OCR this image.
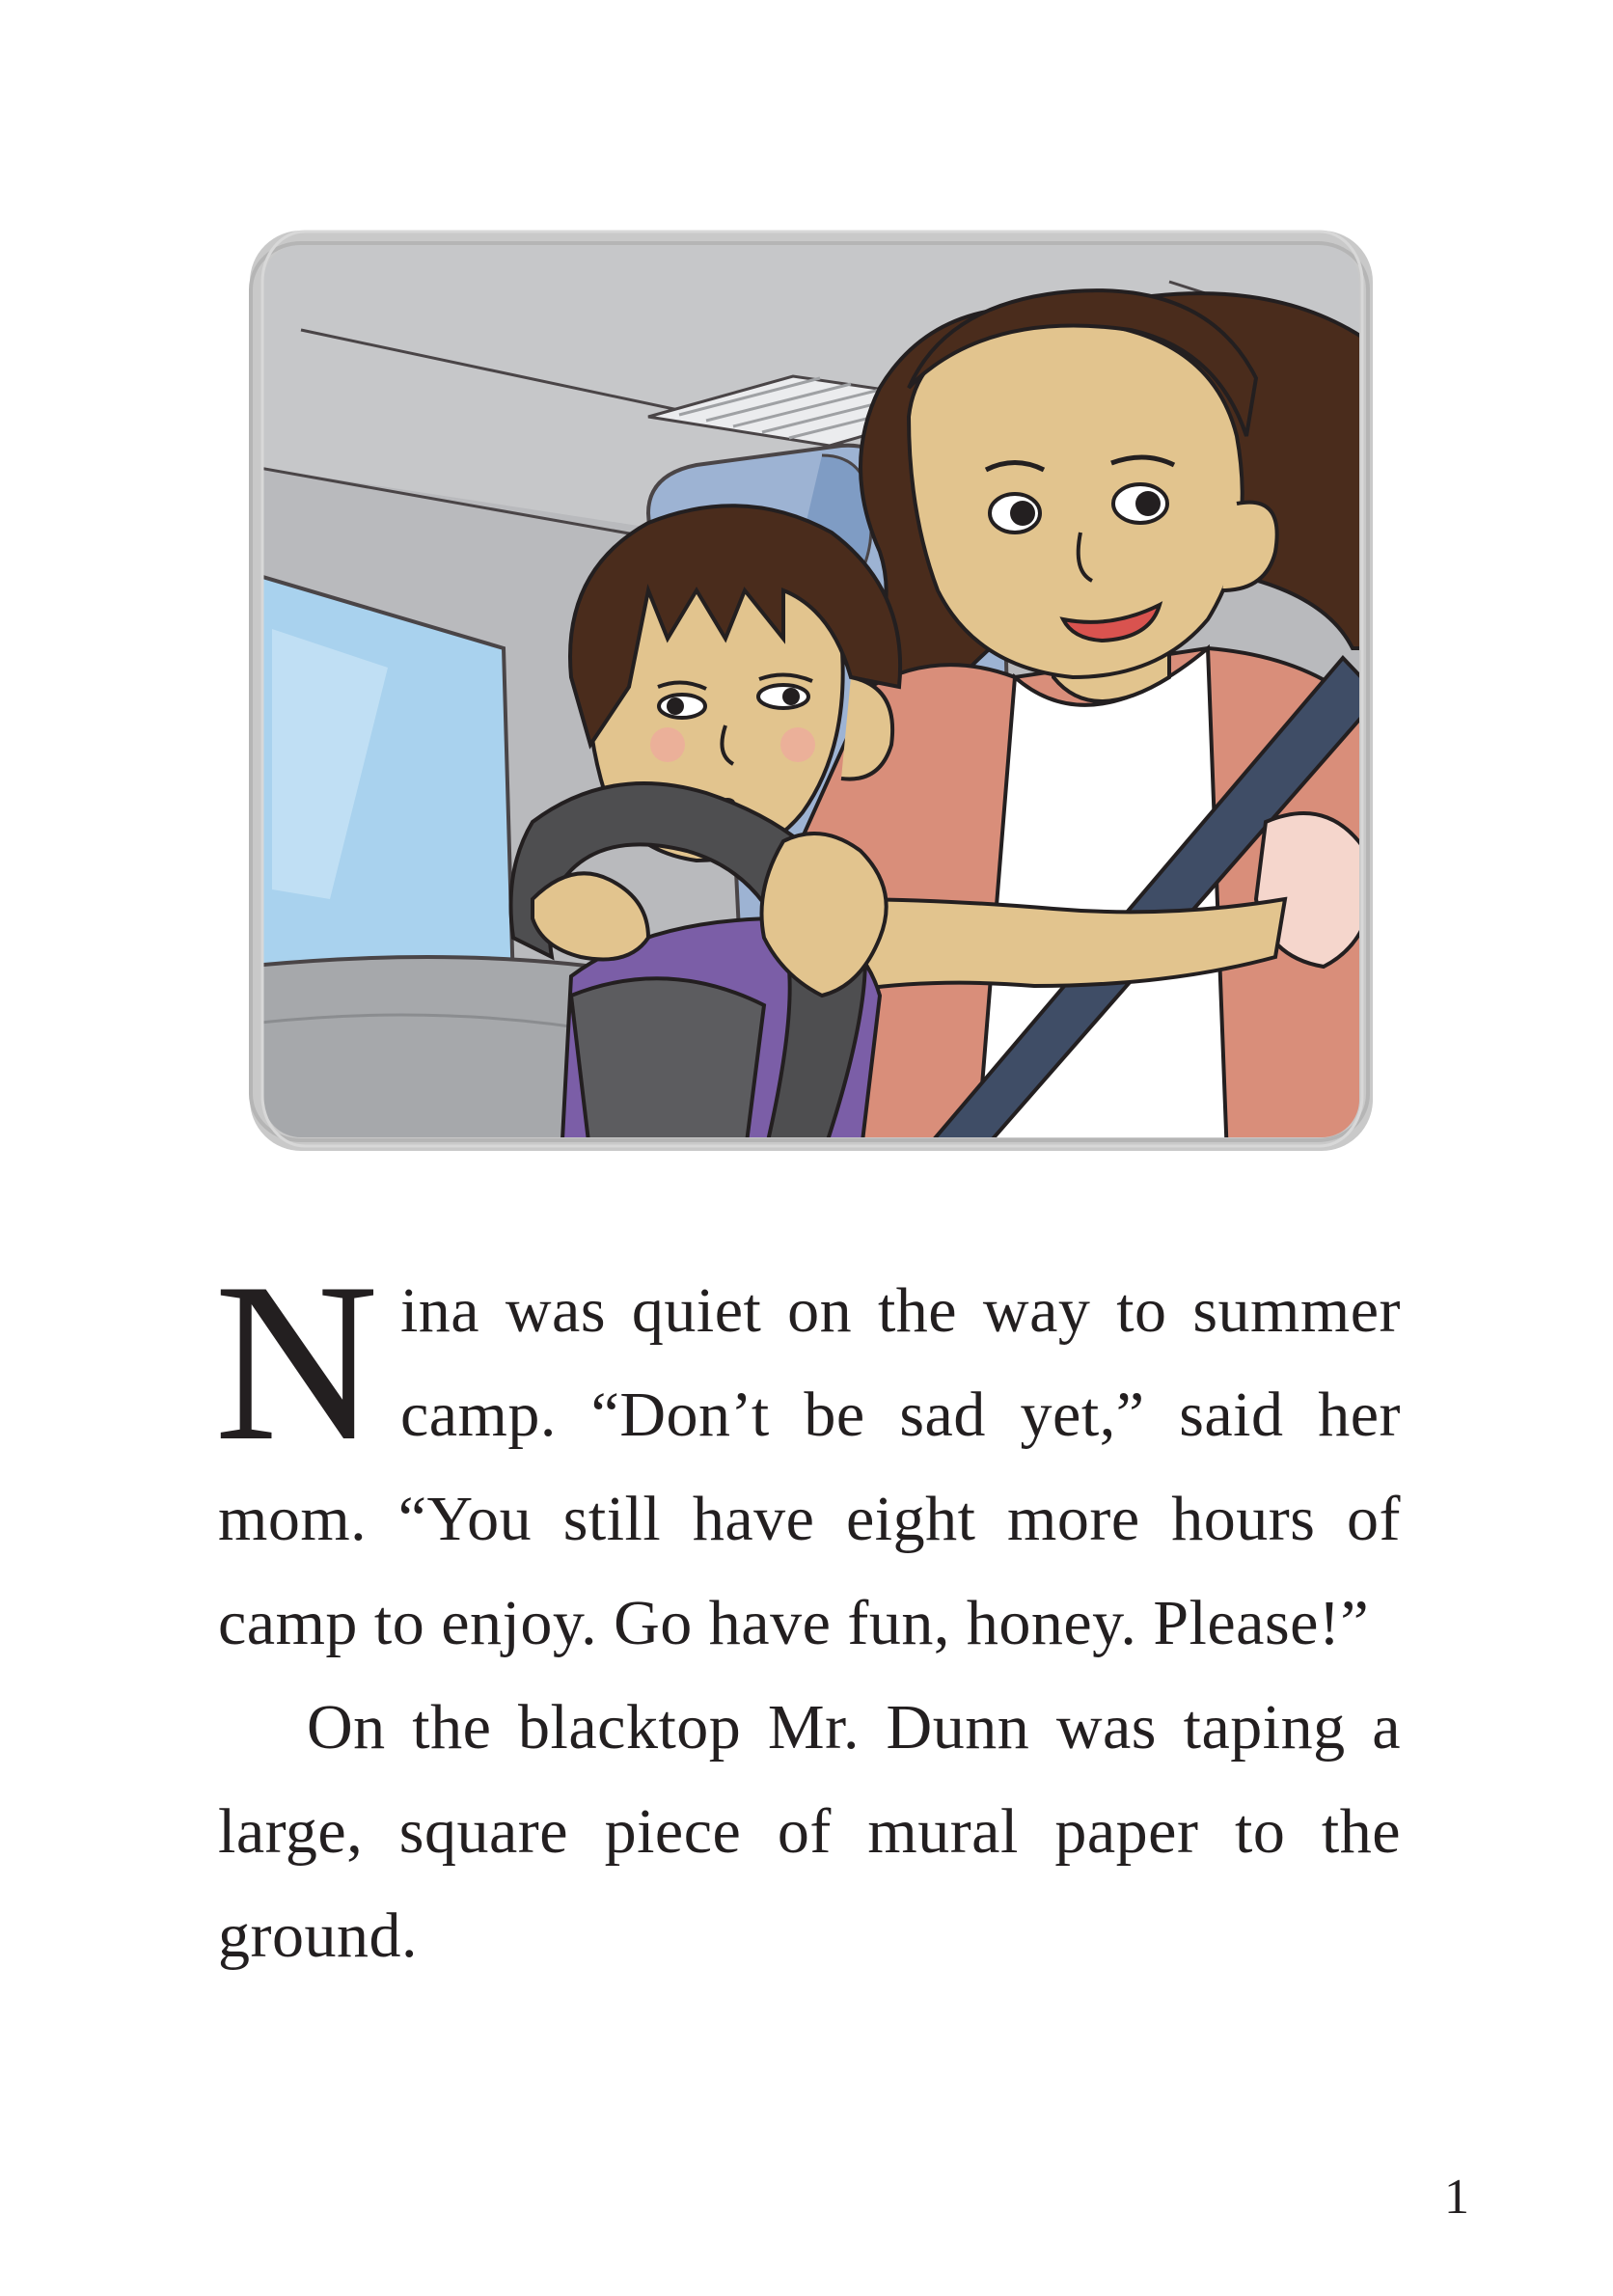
Nina was quiet on the way to summer camp. “Don’t be sad yet,” said her mom. “You still have eight more hours of camp to enjoy. Go have fun, honey. Please!”

On the blacktop Mr. Dunn was taping a large, square piece of mural paper to the ground.

1
